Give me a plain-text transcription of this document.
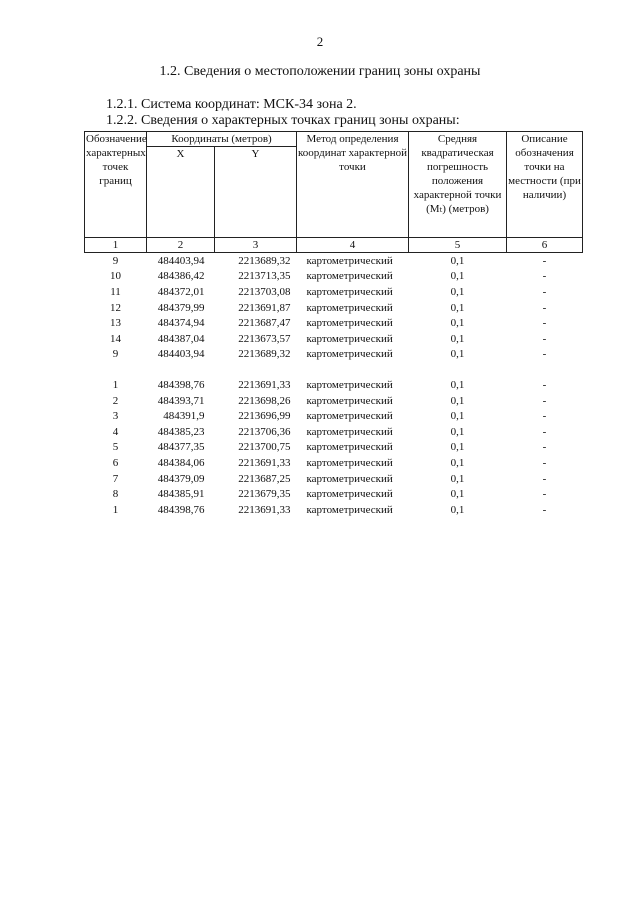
2
1.2. Сведения о местоположении границ зоны охраны
1.2.1. Система координат: МСК-34 зона 2.
1.2.2. Сведения о характерных точках границ зоны охраны:
Обозначение характерных точек границ	Координаты (метров)		Метод определения координат характерной точки	Средняя квадратическая погрешность положения характерной точки (Mₜ) (метров)	Описание обозначения точки на местности (при наличии)
	X	Y			
1	2	3	4	5	6
9	484403,94	2213689,32	картометрический	0,1	-
10	484386,42	2213713,35	картометрический	0,1	-
11	484372,01	2213703,08	картометрический	0,1	-
12	484379,99	2213691,87	картометрический	0,1	-
13	484374,94	2213687,47	картометрический	0,1	-
14	484387,04	2213673,57	картометрический	0,1	-
9	484403,94	2213689,32	картометрический	0,1	-

1	484398,76	2213691,33	картометрический	0,1	-
2	484393,71	2213698,26	картометрический	0,1	-
3	484391,9	2213696,99	картометрический	0,1	-
4	484385,23	2213706,36	картометрический	0,1	-
5	484377,35	2213700,75	картометрический	0,1	-
6	484384,06	2213691,33	картометрический	0,1	-
7	484379,09	2213687,25	картометрический	0,1	-
8	484385,91	2213679,35	картометрический	0,1	-
1	484398,76	2213691,33	картометрический	0,1	-
